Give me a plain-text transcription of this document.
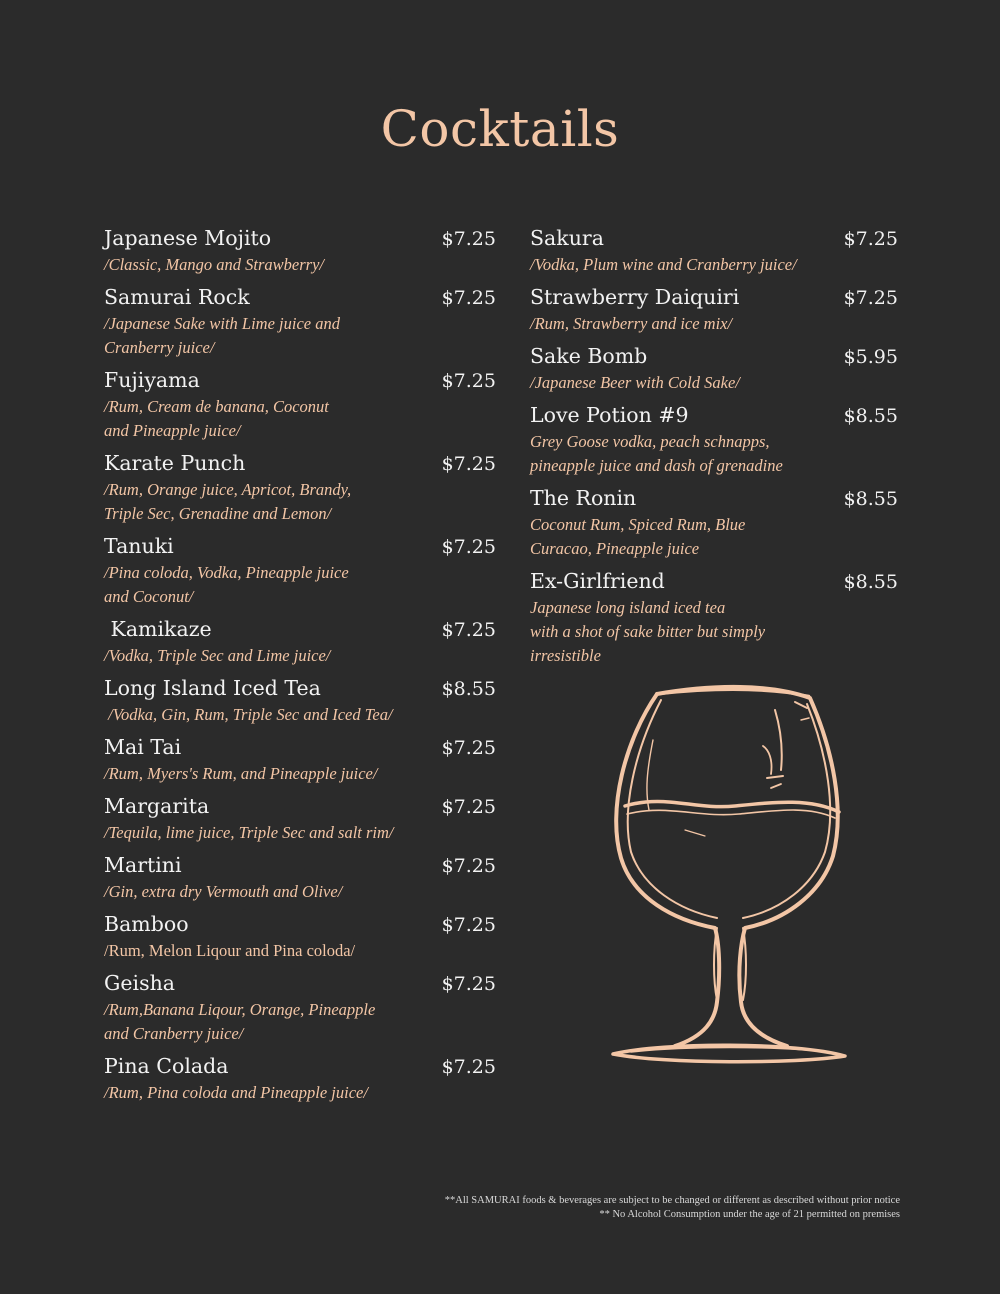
Cocktails
Japanese Mojito	$7.25
/Classic, Mango and Strawberry/
Samurai Rock	$7.25
/Japanese Sake with Lime juice and
Cranberry juice/
Fujiyama	$7.25
/Rum, Cream de banana, Coconut
and Pineapple juice/
Karate Punch	$7.25
/Rum, Orange juice, Apricot, Brandy,
Triple Sec, Grenadine and Lemon/
Tanuki	$7.25
/Pina coloda, Vodka, Pineapple juice
and Coconut/
Kamikaze	$7.25
/Vodka, Triple Sec and Lime juice/
Long Island Iced Tea	$8.55
/Vodka, Gin, Rum, Triple Sec and Iced Tea/
Mai Tai	$7.25
/Rum, Myers's Rum, and Pineapple juice/
Margarita	$7.25
/Tequila, lime juice, Triple Sec and salt rim/
Martini	$7.25
/Gin, extra dry Vermouth and Olive/
Bamboo	$7.25
/Rum, Melon Liqour and Pina coloda/
Geisha	$7.25
/Rum,Banana Liqour, Orange, Pineapple
and Cranberry juice/
Pina Colada	$7.25
/Rum, Pina coloda and Pineapple juice/
Sakura	$7.25
/Vodka, Plum wine and Cranberry juice/
Strawberry Daiquiri	$7.25
/Rum, Strawberry and ice mix/
Sake Bomb	$5.95
/Japanese Beer with Cold Sake/
Love Potion #9	$8.55
Grey Goose vodka, peach schnapps,
pineapple juice and dash of grenadine
The Ronin	$8.55
Coconut Rum, Spiced Rum, Blue
Curacao, Pineapple juice
Ex-Girlfriend	$8.55
Japanese long island iced tea
with a shot of sake bitter but simply
irresistible
**All SAMURAI foods & beverages are subject to be changed or different as described without prior notice
** No Alcohol Consumption under the age of 21 permitted on premises
